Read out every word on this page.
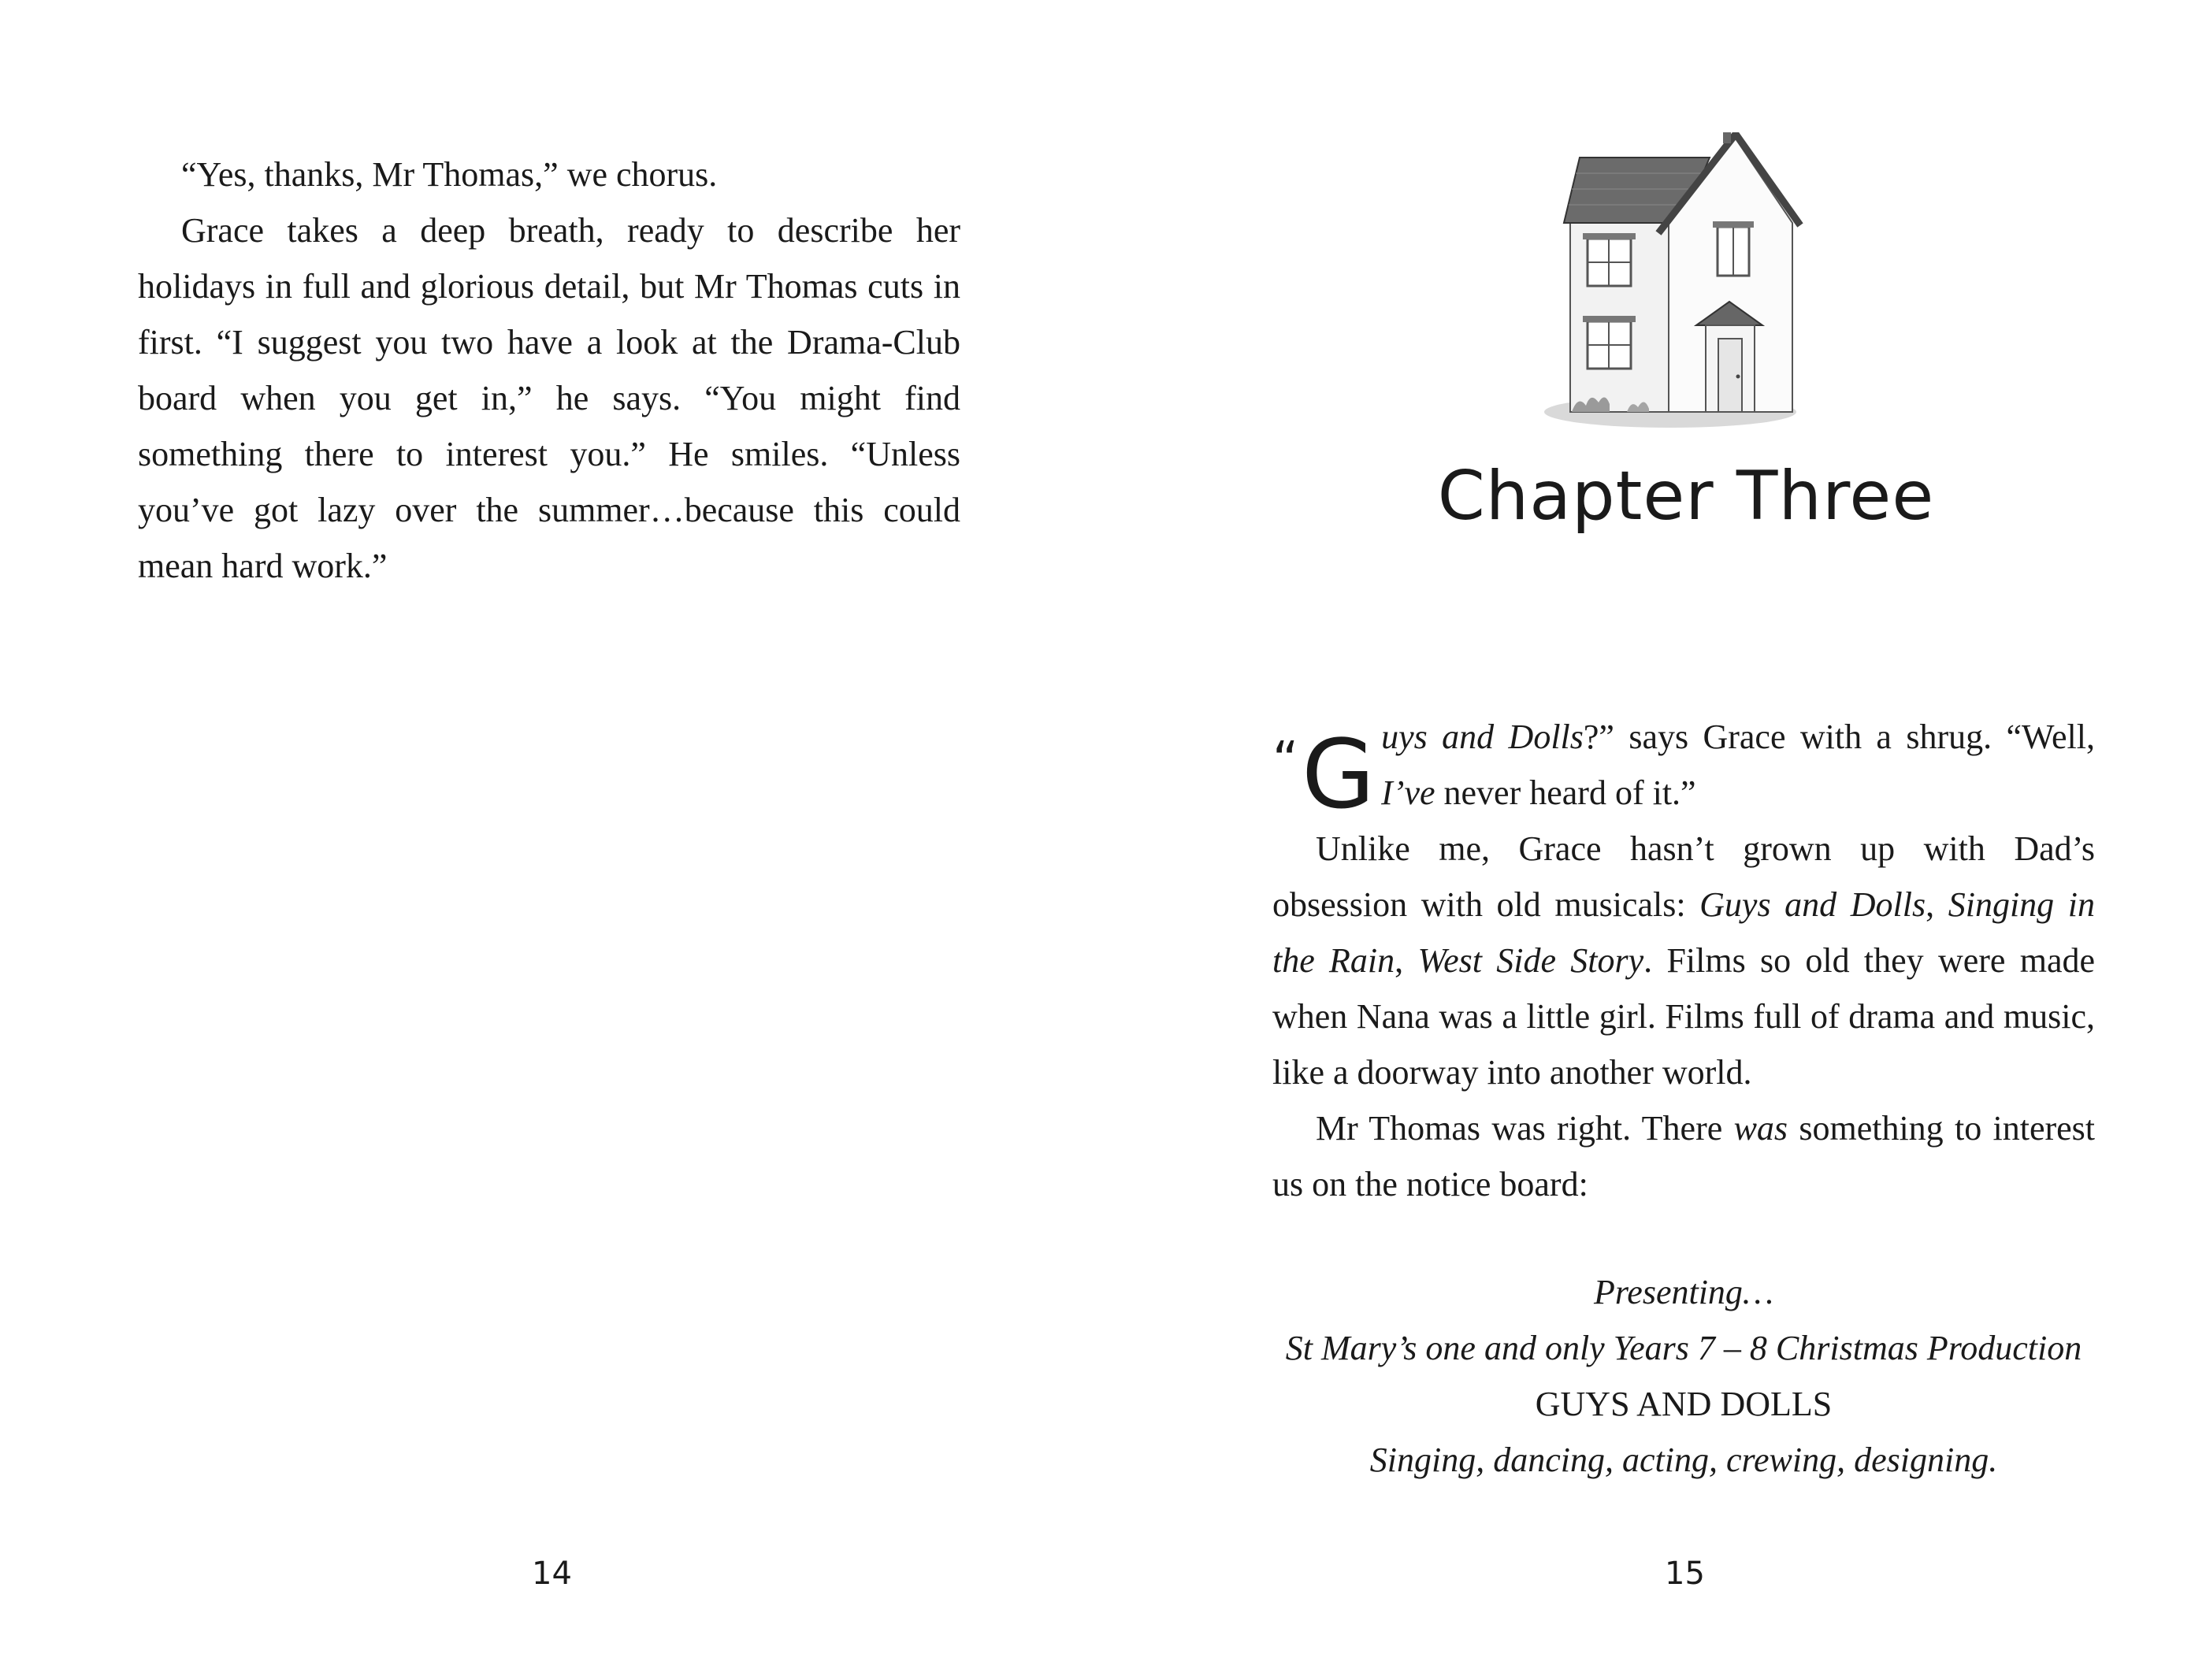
“Yes, thanks, Mr Thomas,” we chorus.

Grace takes a deep breath, ready to describe her holidays in full and glorious detail, but Mr Thomas cuts in first. “I suggest you two have a look at the Drama-Club board when you get in,” he says. “You might find something there to interest you.” He smiles. “Unless you’ve got lazy over the summer…because this could mean hard work.”

14
Chapter Three
“G uys and Dolls?” says Grace with a shrug. “Well, I’ve never heard of it.”

Unlike me, Grace hasn’t grown up with Dad’s obsession with old musicals: Guys and Dolls, Singing in the Rain, West Side Story. Films so old they were made when Nana was a little girl. Films full of drama and music, like a doorway into another world.

Mr Thomas was right. There was something to interest us on the notice board:

Presenting…
St Mary’s one and only Years 7 – 8 Christmas Production
GUYS AND DOLLS
Singing, dancing, acting, crewing, designing.
15
